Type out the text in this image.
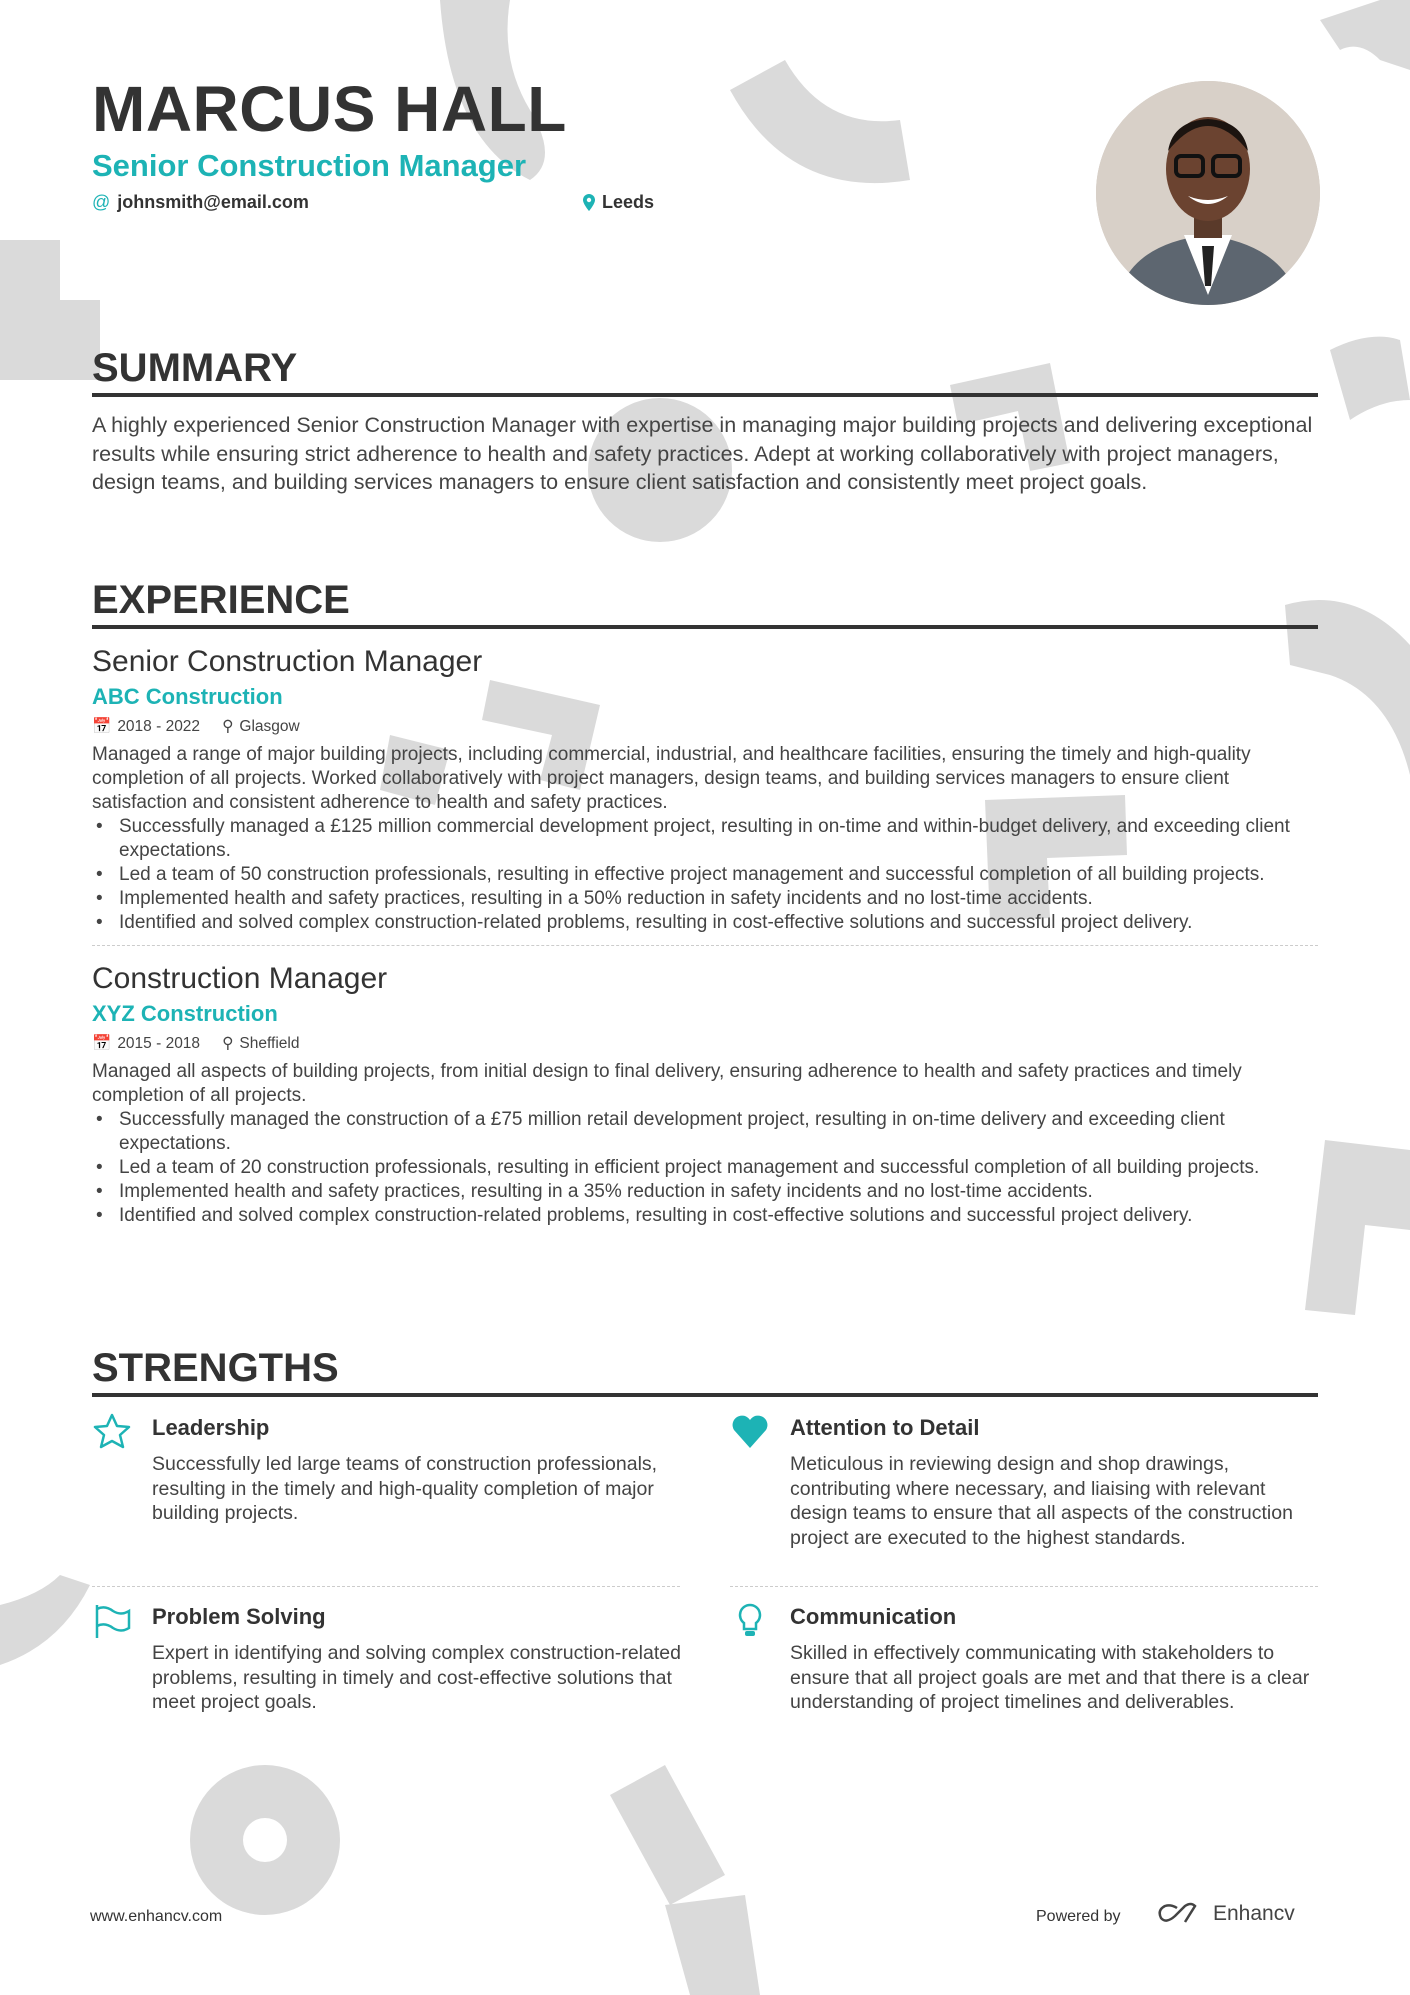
MARCUS HALL
Senior Construction Manager
@ johnsmith@email.com	Leeds
SUMMARY

A highly experienced Senior Construction Manager with expertise in managing major building projects and delivering exceptional results while ensuring strict adherence to health and safety practices. Adept at working collaboratively with project managers, design teams, and building services managers to ensure client satisfaction and consistently meet project goals.

EXPERIENCE
Senior Construction Manager
ABC Construction
📅 2018 - 2022 ⚲ Glasgow

Managed a range of major building projects, including commercial, industrial, and healthcare facilities, ensuring the timely and high-quality completion of all projects. Worked collaboratively with project managers, design teams, and building services managers to ensure client satisfaction and consistent adherence to health and safety practices.

• Successfully managed a £125 million commercial development project, resulting in on-time and within-budget delivery, and exceeding client expectations.
• Led a team of 50 construction professionals, resulting in effective project management and successful completion of all building projects.
• Implemented health and safety practices, resulting in a 50% reduction in safety incidents and no lost-time accidents.
• Identified and solved complex construction-related problems, resulting in cost-effective solutions and successful project delivery.
Construction Manager
XYZ Construction
📅 2015 - 2018 ⚲ Sheffield

Managed all aspects of building projects, from initial design to final delivery, ensuring adherence to health and safety practices and timely completion of all projects.

• Successfully managed the construction of a £75 million retail development project, resulting in on-time delivery and exceeding client expectations.
• Led a team of 20 construction professionals, resulting in efficient project management and successful completion of all building projects.
• Implemented health and safety practices, resulting in a 35% reduction in safety incidents and no lost-time accidents.
• Identified and solved complex construction-related problems, resulting in cost-effective solutions and successful project delivery.
STRENGTHS
Leadership

Successfully led large teams of construction professionals, resulting in the timely and high-quality completion of major building projects.

Attention to Detail

Meticulous in reviewing design and shop drawings, contributing where necessary, and liaising with relevant design teams to ensure that all aspects of the construction project are executed to the highest standards.

Problem Solving

Expert in identifying and solving complex construction-related problems, resulting in timely and cost-effective solutions that meet project goals.

Communication

Skilled in effectively communicating with stakeholders to ensure that all project goals are met and that there is a clear understanding of project timelines and deliverables.

www.enhancv.com	Powered by	Enhancv
